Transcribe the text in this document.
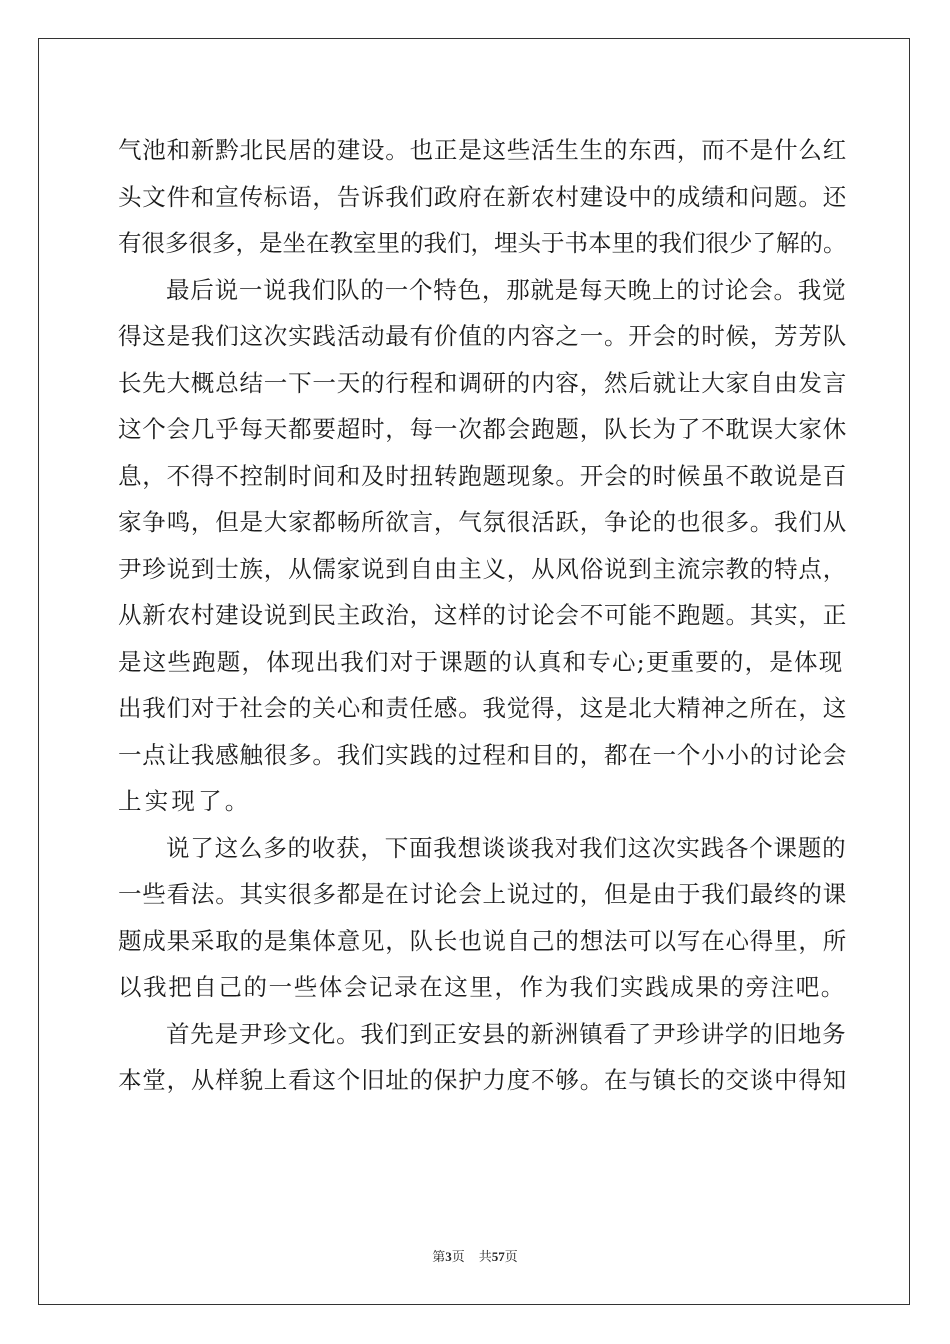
气池和新黔北民居的建设。也正是这些活生生的东西，而不是什么红
头文件和宣传标语，告诉我们政府在新农村建设中的成绩和问题。还
有很多很多，是坐在教室里的我们，埋头于书本里的我们很少了解的。
最后说一说我们队的一个特色，那就是每天晚上的讨论会。我觉
得这是我们这次实践活动最有价值的内容之一。开会的时候，芳芳队
长先大概总结一下一天的行程和调研的内容，然后就让大家自由发言
这个会几乎每天都要超时，每一次都会跑题，队长为了不耽误大家休
息，不得不控制时间和及时扭转跑题现象。开会的时候虽不敢说是百
家争鸣，但是大家都畅所欲言，气氛很活跃，争论的也很多。我们从
尹珍说到士族，从儒家说到自由主义，从风俗说到主流宗教的特点，
从新农村建设说到民主政治，这样的讨论会不可能不跑题。其实，正
是这些跑题，体现出我们对于课题的认真和专心;更重要的，是体现
出我们对于社会的关心和责任感。我觉得，这是北大精神之所在，这
一点让我感触很多。我们实践的过程和目的，都在一个小小的讨论会
上实现了。
说了这么多的收获，下面我想谈谈我对我们这次实践各个课题的
一些看法。其实很多都是在讨论会上说过的，但是由于我们最终的课
题成果采取的是集体意见，队长也说自己的想法可以写在心得里，所
以我把自己的一些体会记录在这里，作为我们实践成果的旁注吧。
首先是尹珍文化。我们到正安县的新洲镇看了尹珍讲学的旧地务
本堂，从样貌上看这个旧址的保护力度不够。在与镇长的交谈中得知
第3页 共57页
